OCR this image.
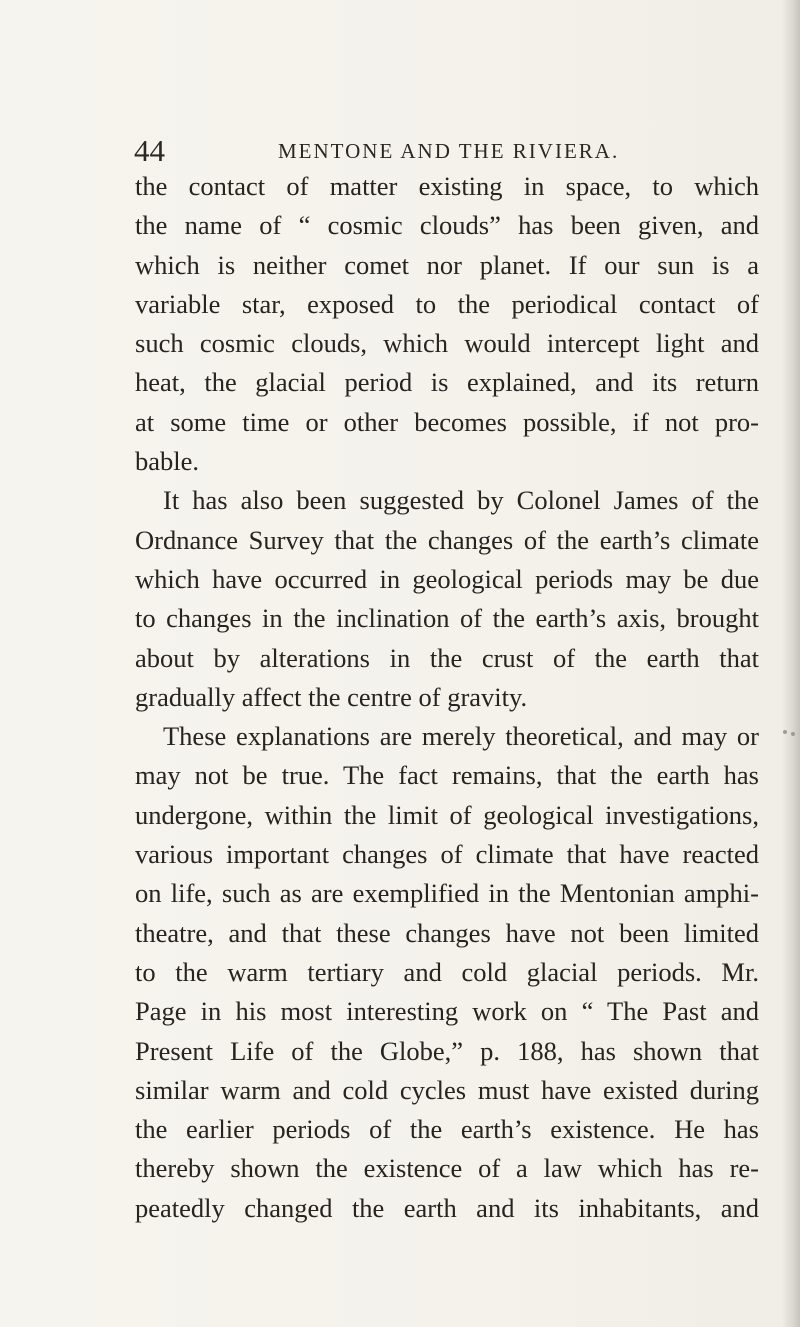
44	MENTONE AND THE RIVIERA.
the contact of matter existing in space, to which
the name of “ cosmic clouds” has been given, and
which is neither comet nor planet. If our sun is a
variable star, exposed to the periodical contact of
such cosmic clouds, which would intercept light and
heat, the glacial period is explained, and its return
at some time or other becomes possible, if not pro-
bable.
It has also been suggested by Colonel James of the
Ordnance Survey that the changes of the earth’s climate
which have occurred in geological periods may be due
to changes in the inclination of the earth’s axis, brought
about by alterations in the crust of the earth that
gradually affect the centre of gravity.
These explanations are merely theoretical, and may or
may not be true. The fact remains, that the earth has
undergone, within the limit of geological investigations,
various important changes of climate that have reacted
on life, such as are exemplified in the Mentonian amphi-
theatre, and that these changes have not been limited
to the warm tertiary and cold glacial periods. Mr.
Page in his most interesting work on “ The Past and
Present Life of the Globe,” p. 188, has shown that
similar warm and cold cycles must have existed during
the earlier periods of the earth’s existence. He has
thereby shown the existence of a law which has re-
peatedly changed the earth and its inhabitants, and
